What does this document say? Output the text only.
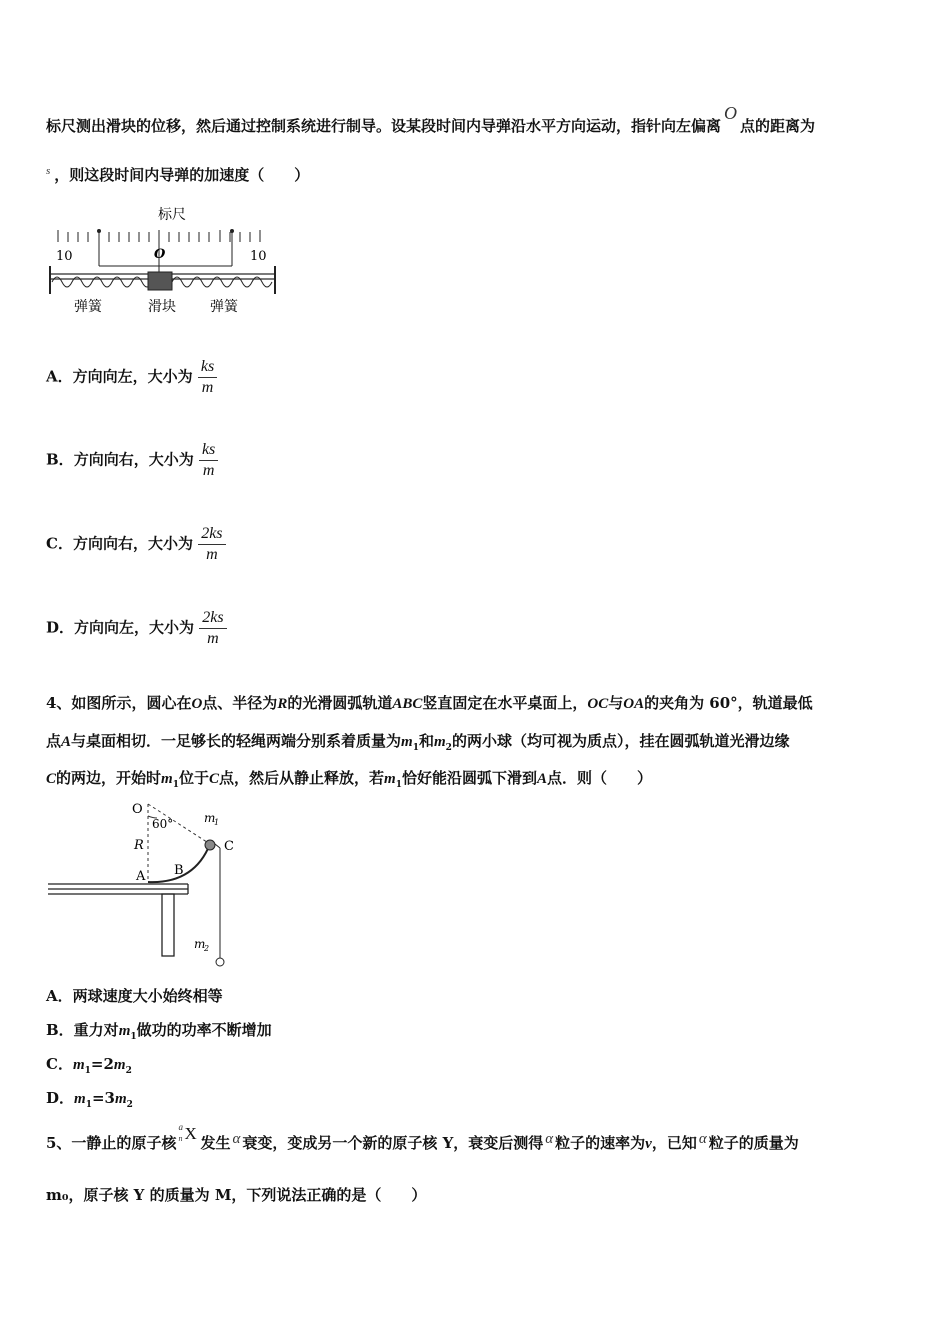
标尺测出滑块的位移，然后通过控制系统进行制导。设某段时间内导弹沿水平方向运动，指针向左偏离O点的距离为
$^s$ ，则这段时间内导弹的加速度（　　）
标尺
10	O	10
弹簧	滑块 弹簧
A．方向向左，大小为 $\frac{ks}{m}$
B．方向向右，大小为 $\frac{ks}{m}$
C．方向向右，大小为 $\frac{2ks}{m}$
D．方向向左，大小为 $\frac{2ks}{m}$
4、如图所示，圆心在O点、半径为R的光滑圆弧轨道ABC竖直固定在水平桌面上，OC与OA的夹角为 60°，轨道最低
点A与桌面相切．一足够长的轻绳两端分别系着质量为$m_1$和$m_2$的两小球（均可视为质点），挂在圆弧轨道光滑边缘
C的两边，开始时$m_1$位于C点，然后从静止释放，若$m_1$恰好能沿圆弧下滑到A点．则（　　）
O
60°
R
A B
C
m
1
m
2
A．两球速度大小始终相等
B．重力对$m_1$做功的功率不断增加
C．$m_1=2m_2$
D．$m_1=3m_2$
5、一静止的原子核
a
n X 发生 α 衰变，变成另一个新的原子核 Y，衰变后测得 α 粒子的速率为v，已知 α 粒子的质量为
m₀，原子核 Y 的质量为 M，下列说法正确的是（　　）
